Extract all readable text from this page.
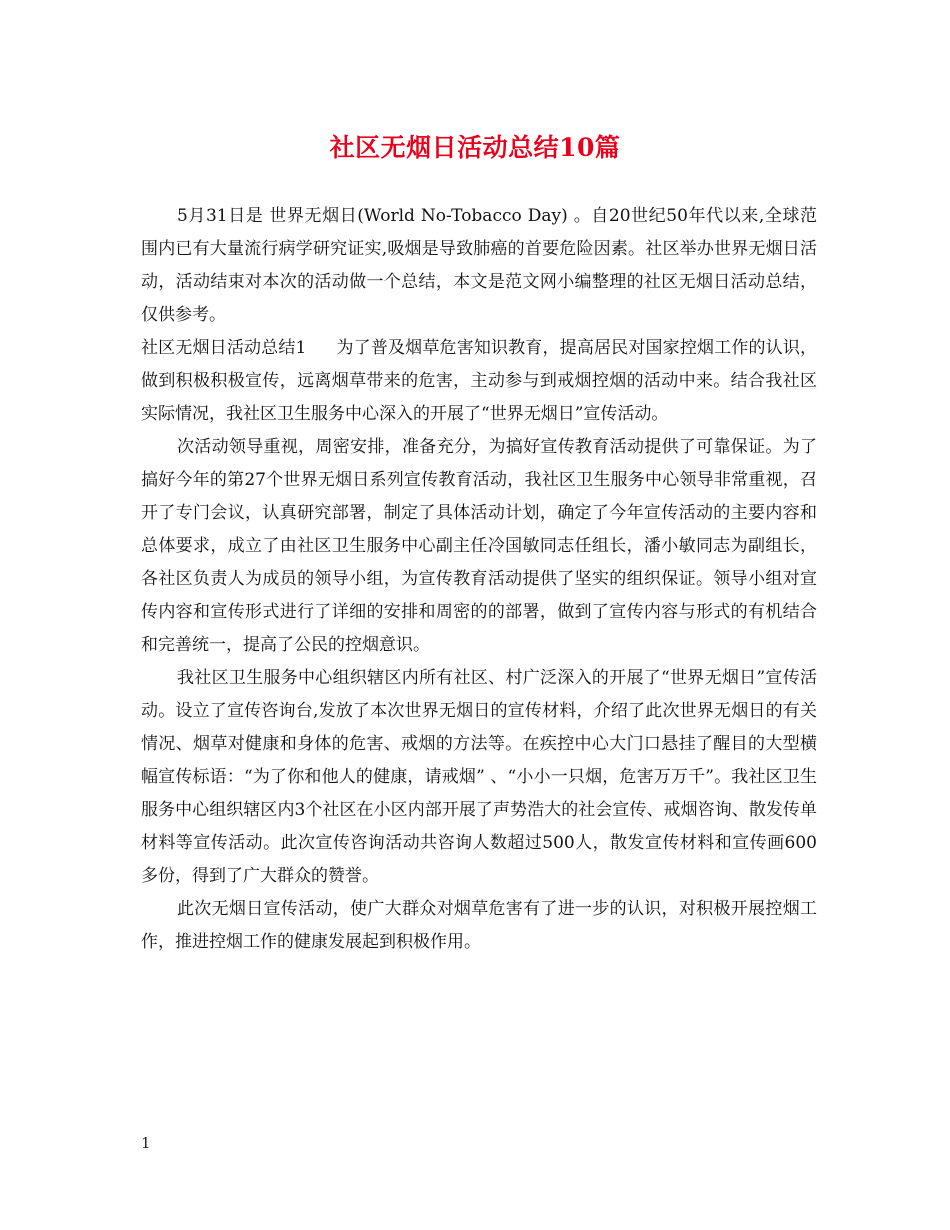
社区无烟日活动总结10篇

5月31日是 世界无烟日(World No-Tobacco Day) 。自20世纪50年代以来,全球范围内已有大量流行病学研究证实,吸烟是导致肺癌的首要危险因素。社区举办世界无烟日活动，活动结束对本次的活动做一个总结，本文是范文网小编整理的社区无烟日活动总结，仅供参考。

社区无烟日活动总结1 为了普及烟草危害知识教育，提高居民对国家控烟工作的认识，做到积极积极宣传，远离烟草带来的危害，主动参与到戒烟控烟的活动中来。结合我社区实际情况，我社区卫生服务中心深入的开展了“世界无烟日”宣传活动。

次活动领导重视，周密安排，准备充分，为搞好宣传教育活动提供了可靠保证。为了搞好今年的第27个世界无烟日系列宣传教育活动，我社区卫生服务中心领导非常重视，召开了专门会议，认真研究部署，制定了具体活动计划，确定了今年宣传活动的主要内容和总体要求，成立了由社区卫生服务中心副主任冷国敏同志任组长，潘小敏同志为副组长，各社区负责人为成员的领导小组，为宣传教育活动提供了坚实的组织保证。领导小组对宣传内容和宣传形式进行了详细的安排和周密的的部署，做到了宣传内容与形式的有机结合和完善统一，提高了公民的控烟意识。

我社区卫生服务中心组织辖区内所有社区、村广泛深入的开展了“世界无烟日”宣传活动。设立了宣传咨询台,发放了本次世界无烟日的宣传材料，介绍了此次世界无烟日的有关情况、烟草对健康和身体的危害、戒烟的方法等。在疾控中心大门口悬挂了醒目的大型横幅宣传标语：“为了你和他人的健康，请戒烟” 、“小小一只烟，危害万万千”。我社区卫生服务中心组织辖区内3个社区在小区内部开展了声势浩大的社会宣传、戒烟咨询、散发传单材料等宣传活动。此次宣传咨询活动共咨询人数超过500人，散发宣传材料和宣传画600多份，得到了广大群众的赞誉。

此次无烟日宣传活动，使广大群众对烟草危害有了进一步的认识，对积极开展控烟工作，推进控烟工作的健康发展起到积极作用。

1
